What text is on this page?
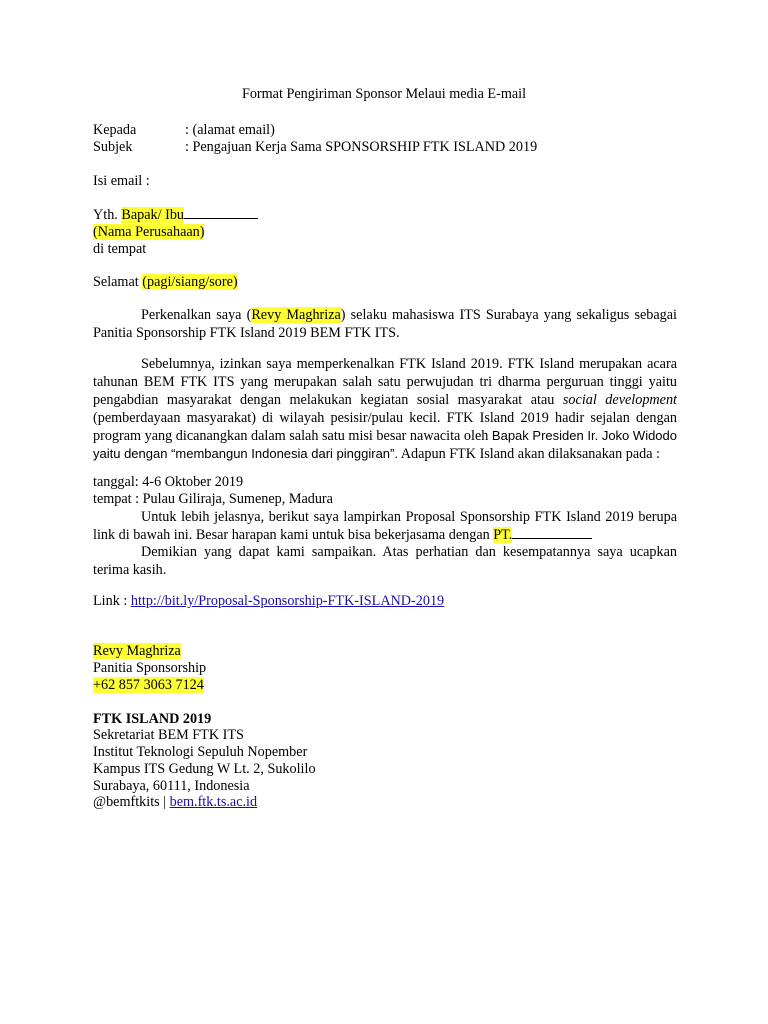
Format Pengiriman Sponsor Melaui media E-mail
Kepada	: (alamat email)
Subjek	: Pengajuan Kerja Sama SPONSORSHIP FTK ISLAND 2019
Isi email :
Yth. Bapak/ Ibu
(Nama Perusahaan)
di tempat
Selamat (pagi/siang/sore)
Perkenalkan saya (Revy Maghriza) selaku mahasiswa ITS Surabaya yang sekaligus sebagai Panitia Sponsorship FTK Island 2019 BEM FTK ITS.
Sebelumnya, izinkan saya memperkenalkan FTK Island 2019. FTK Island merupakan acara tahunan BEM FTK ITS yang merupakan salah satu perwujudan tri dharma perguruan tinggi yaitu pengabdian masyarakat dengan melakukan kegiatan sosial masyarakat atau social development (pemberdayaan masyarakat) di wilayah pesisir/pulau kecil. FTK Island 2019 hadir sejalan dengan program yang dicanangkan dalam salah satu misi besar nawacita oleh Bapak Presiden Ir. Joko Widodo yaitu dengan “membangun Indonesia dari pinggiran”. Adapun FTK Island akan dilaksanakan pada :
tanggal: 4-6 Oktober 2019
tempat : Pulau Giliraja, Sumenep, Madura
Untuk lebih jelasnya, berikut saya lampirkan Proposal Sponsorship FTK Island 2019 berupa link di bawah ini. Besar harapan kami untuk bisa bekerjasama dengan PT.
Demikian yang dapat kami sampaikan. Atas perhatian dan kesempatannya saya ucapkan terima kasih.
Link : http://bit.ly/Proposal-Sponsorship-FTK-ISLAND-2019
Revy Maghriza
Panitia Sponsorship
+62 857 3063 7124
FTK ISLAND 2019
Sekretariat BEM FTK ITS
Institut Teknologi Sepuluh Nopember
Kampus ITS Gedung W Lt. 2, Sukolilo
Surabaya, 60111, Indonesia
@bemftkits | bem.ftk.ts.ac.id
